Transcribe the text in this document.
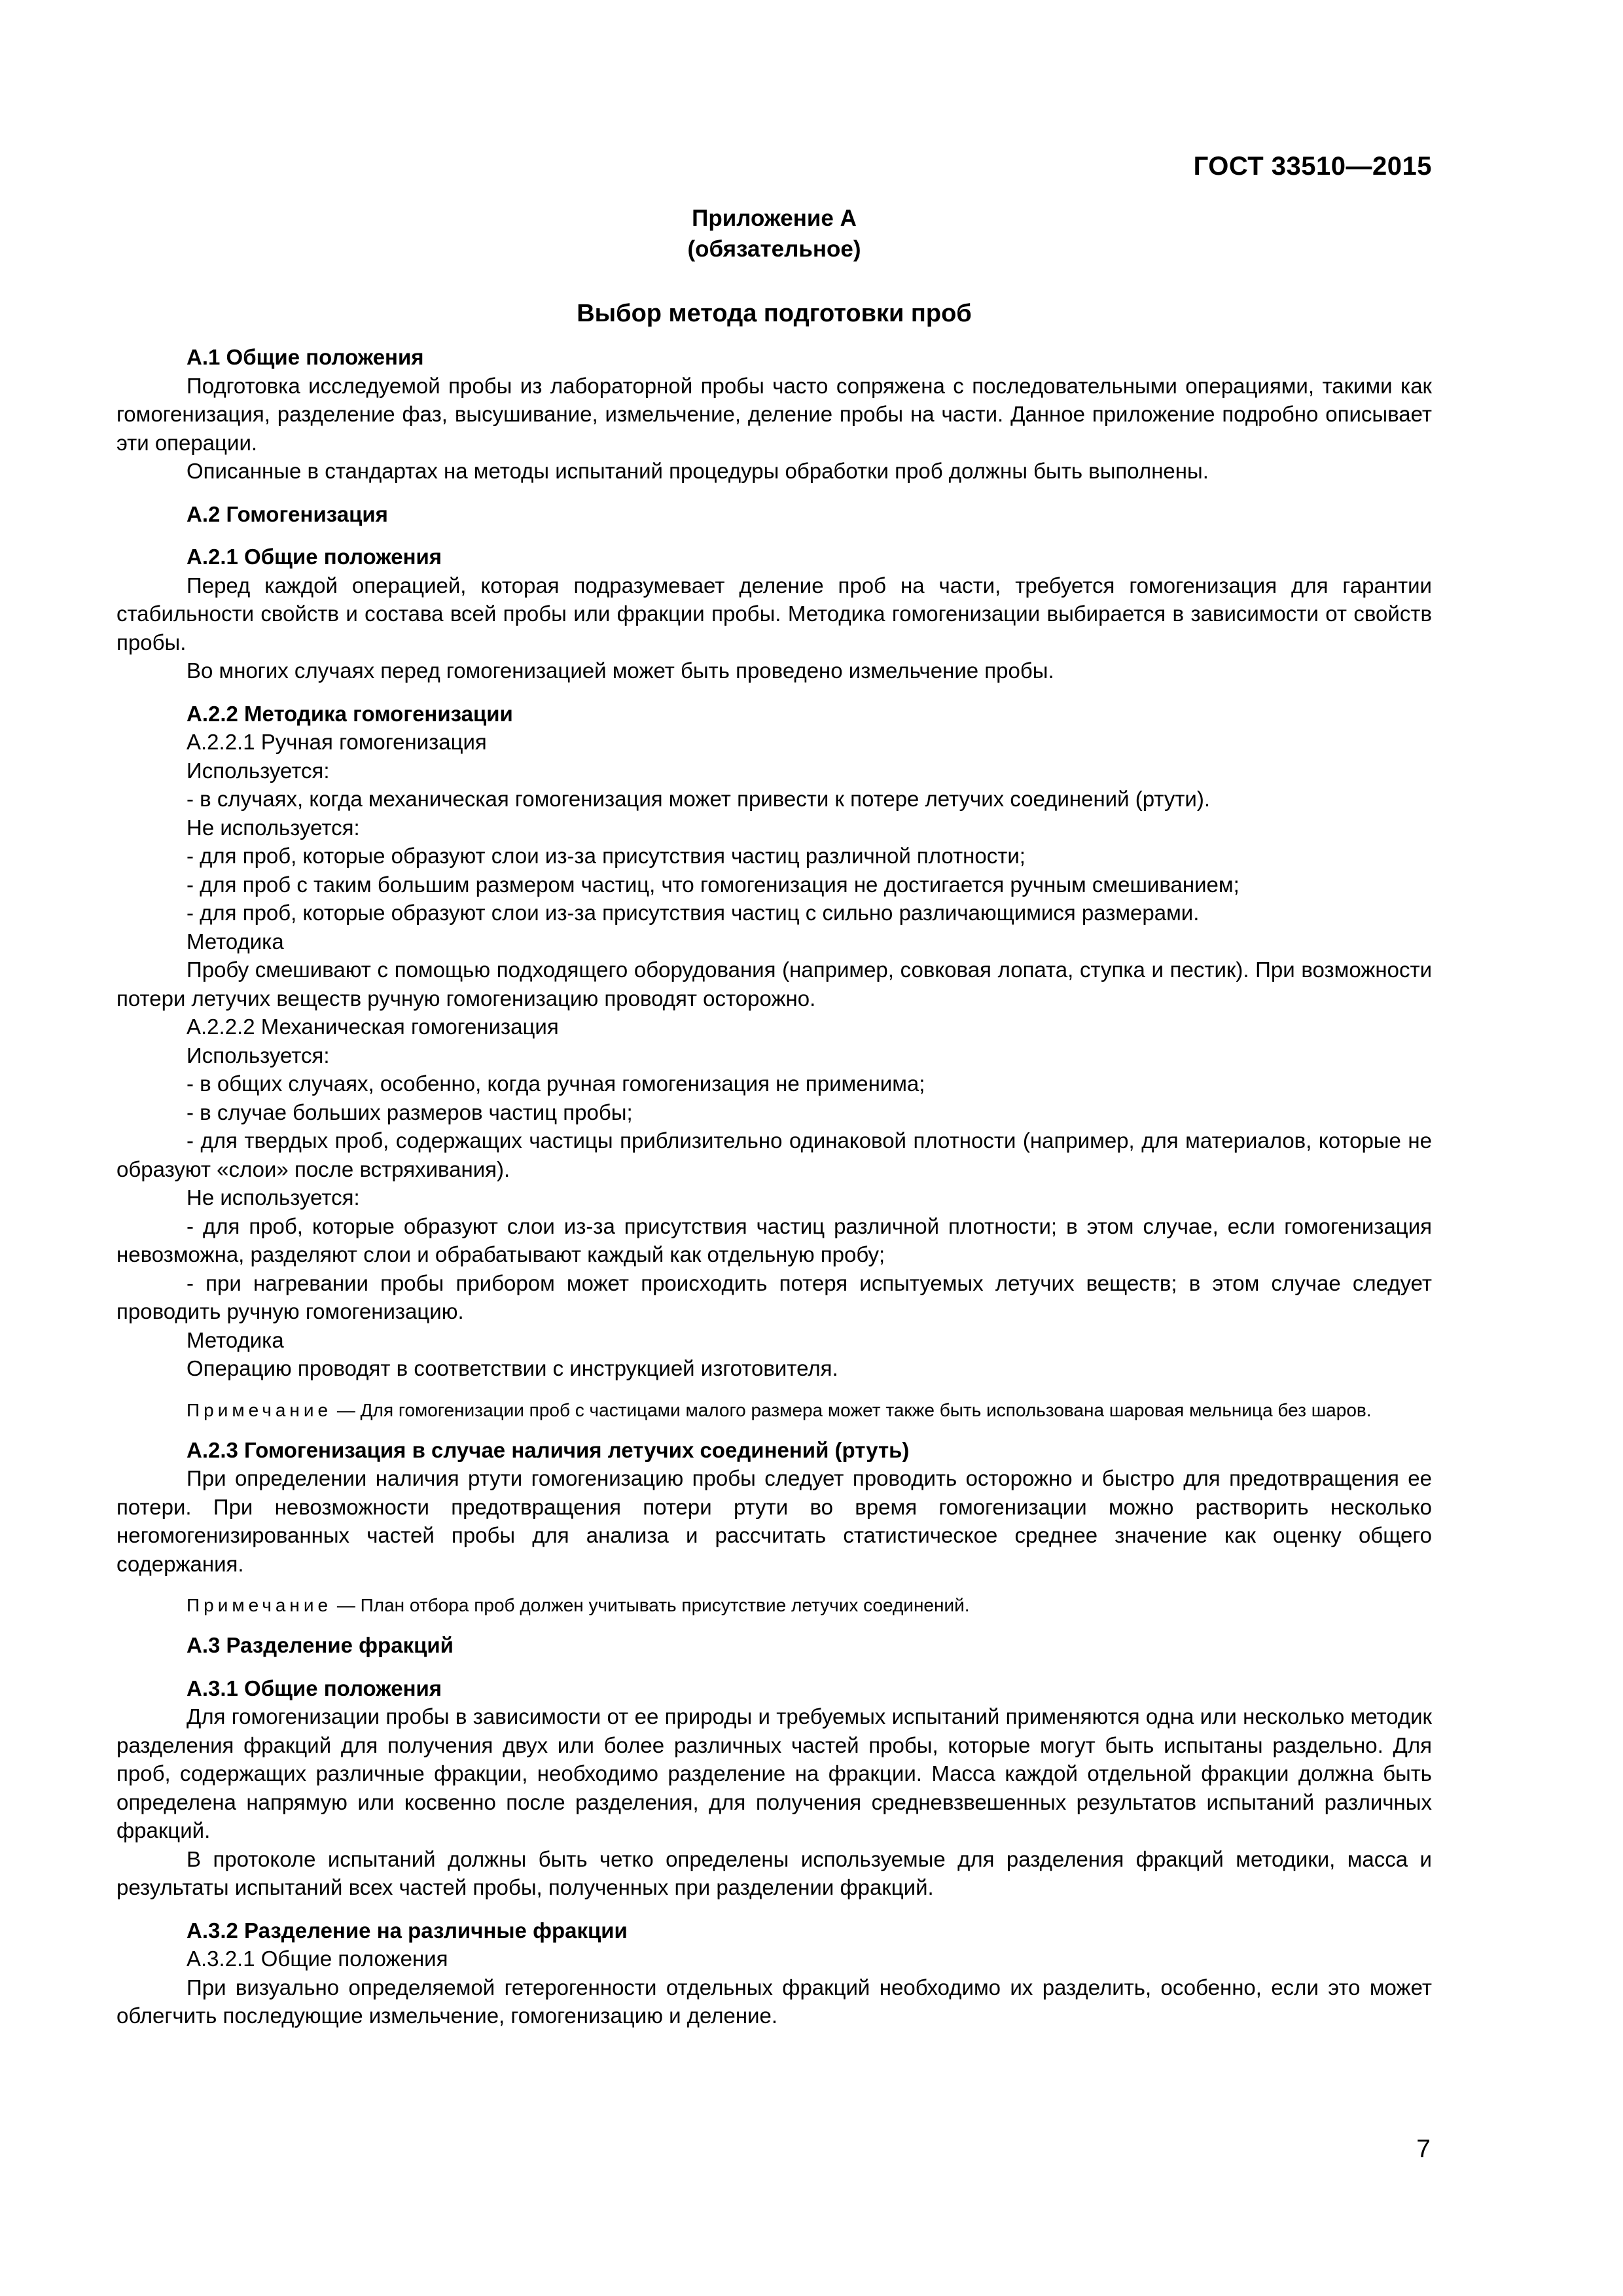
ГОСТ 33510—2015
Приложение А
(обязательное)
Выбор метода подготовки проб

А.1 Общие положения

Подготовка исследуемой пробы из лабораторной пробы часто сопряжена с последовательными операциями, такими как гомогенизация, разделение фаз, высушивание, измельчение, деление пробы на части. Данное приложение подробно описывает эти операции.

Описанные в стандартах на методы испытаний процедуры обработки проб должны быть выполнены.

А.2 Гомогенизация

А.2.1 Общие положения

Перед каждой операцией, которая подразумевает деление проб на части, требуется гомогенизация для гарантии стабильности свойств и состава всей пробы или фракции пробы. Методика гомогенизации выбирается в зависимости от свойств пробы.

Во многих случаях перед гомогенизацией может быть проведено измельчение пробы.

А.2.2 Методика гомогенизации

А.2.2.1 Ручная гомогенизация

Используется:

- в случаях, когда механическая гомогенизация может привести к потере летучих соединений (ртути).

Не используется:

- для проб, которые образуют слои из-за присутствия частиц различной плотности;

- для проб с таким большим размером частиц, что гомогенизация не достигается ручным смешиванием;

- для проб, которые образуют слои из-за присутствия частиц с сильно различающимися размерами.

Методика

Пробу смешивают с помощью подходящего оборудования (например, совковая лопата, ступка и пестик). При возможности потери летучих веществ ручную гомогенизацию проводят осторожно.

А.2.2.2 Механическая гомогенизация

Используется:

- в общих случаях, особенно, когда ручная гомогенизация не применима;

- в случае больших размеров частиц пробы;

- для твердых проб, содержащих частицы приблизительно одинаковой плотности (например, для материалов, которые не образуют «слои» после встряхивания).

Не используется:

- для проб, которые образуют слои из-за присутствия частиц различной плотности; в этом случае, если гомогенизация невозможна, разделяют слои и обрабатывают каждый как отдельную пробу;

- при нагревании пробы прибором может происходить потеря испытуемых летучих веществ; в этом случае следует проводить ручную гомогенизацию.

Методика

Операцию проводят в соответствии с инструкцией изготовителя.

Примечание — Для гомогенизации проб с частицами малого размера может также быть использована шаровая мельница без шаров.

А.2.3 Гомогенизация в случае наличия летучих соединений (ртуть)

При определении наличия ртути гомогенизацию пробы следует проводить осторожно и быстро для предотвращения ее потери. При невозможности предотвращения потери ртути во время гомогенизации можно растворить несколько негомогенизированных частей пробы для анализа и рассчитать статистическое среднее значение как оценку общего содержания.

Примечание — План отбора проб должен учитывать присутствие летучих соединений.

А.3 Разделение фракций

А.3.1 Общие положения

Для гомогенизации пробы в зависимости от ее природы и требуемых испытаний применяются одна или несколько методик разделения фракций для получения двух или более различных частей пробы, которые могут быть испытаны раздельно. Для проб, содержащих различные фракции, необходимо разделение на фракции. Масса каждой отдельной фракции должна быть определена напрямую или косвенно после разделения, для получения средневзвешенных результатов испытаний различных фракций.

В протоколе испытаний должны быть четко определены используемые для разделения фракций методики, масса и результаты испытаний всех частей пробы, полученных при разделении фракций.

А.3.2 Разделение на различные фракции

А.3.2.1 Общие положения

При визуально определяемой гетерогенности отдельных фракций необходимо их разделить, особенно, если это может облегчить последующие измельчение, гомогенизацию и деление.

7
